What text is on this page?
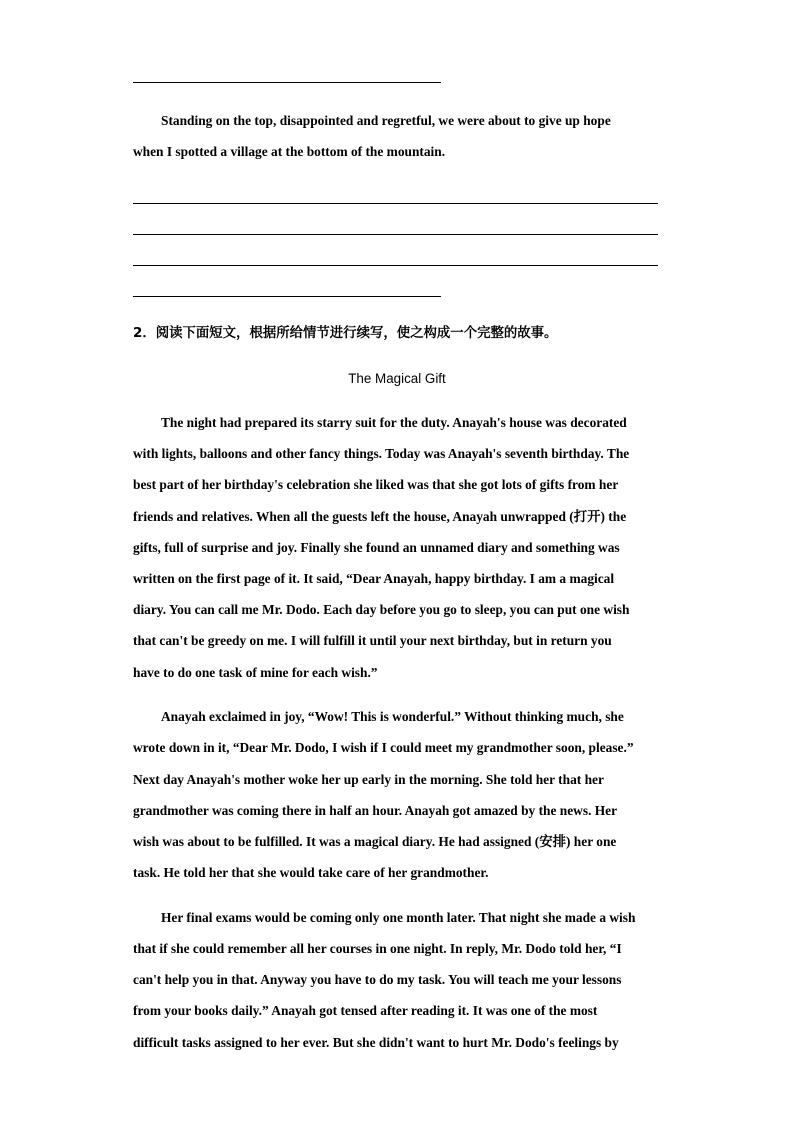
Standing on the top, disappointed and regretful, we were about to give up hope
when I spotted a village at the bottom of the mountain.
2．阅读下面短文，根据所给情节进行续写，使之构成一个完整的故事。
The Magical Gift
The night had prepared its starry suit for the duty. Anayah's house was decorated
with lights, balloons and other fancy things. Today was Anayah's seventh birthday. The
best part of her birthday's celebration she liked was that she got lots of gifts from her
friends and relatives. When all the guests left the house, Anayah unwrapped (打开) the
gifts, full of surprise and joy. Finally she found an unnamed diary and something was
written on the first page of it. It said, “Dear Anayah, happy birthday. I am a magical
diary. You can call me Mr. Dodo. Each day before you go to sleep, you can put one wish
that can't be greedy on me. I will fulfill it until your next birthday, but in return you
have to do one task of mine for each wish.”
Anayah exclaimed in joy, “Wow! This is wonderful.” Without thinking much, she
wrote down in it, “Dear Mr. Dodo, I wish if I could meet my grandmother soon, please.”
Next day Anayah's mother woke her up early in the morning. She told her that her
grandmother was coming there in half an hour. Anayah got amazed by the news. Her
wish was about to be fulfilled. It was a magical diary. He had assigned (安排) her one
task. He told her that she would take care of her grandmother.
Her final exams would be coming only one month later. That night she made a wish
that if she could remember all her courses in one night. In reply, Mr. Dodo told her, “I
can't help you in that. Anyway you have to do my task. You will teach me your lessons
from your books daily.” Anayah got tensed after reading it. It was one of the most
difficult tasks assigned to her ever. But she didn't want to hurt Mr. Dodo's feelings by
